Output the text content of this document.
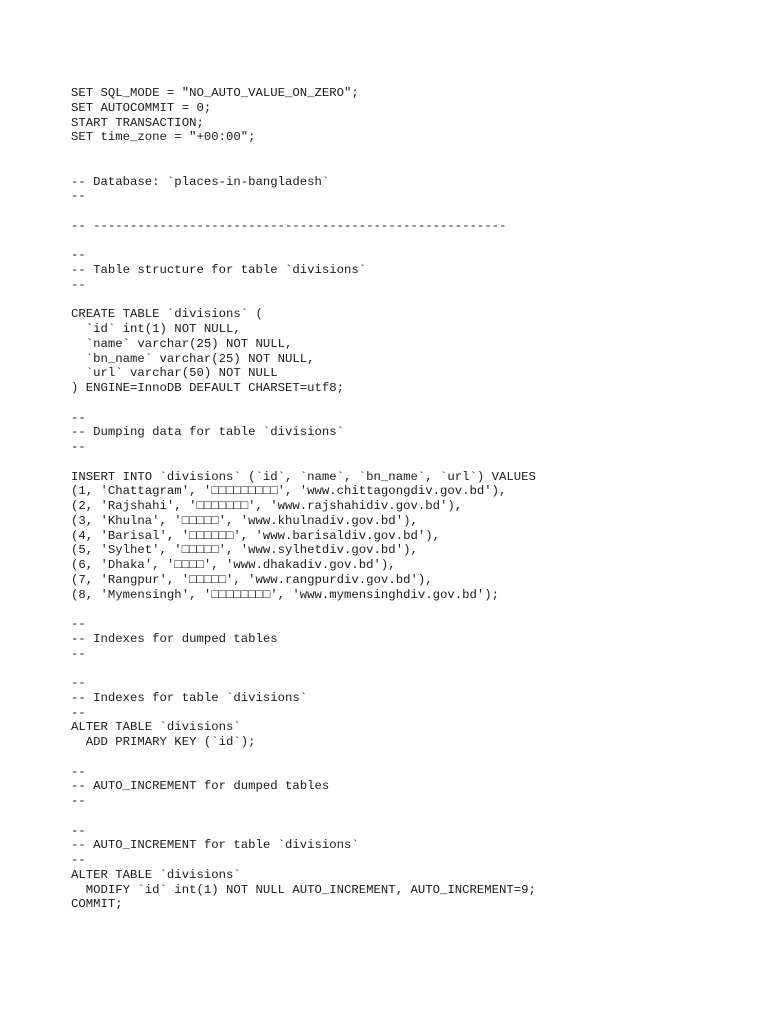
SET SQL_MODE = "NO_AUTO_VALUE_ON_ZERO";
SET AUTOCOMMIT = 0;
START TRANSACTION;
SET time_zone = "+00:00";
-- Database: `places-in-bangladesh`
--
-- --------------------------------------------------------
--
-- Table structure for table `divisions`
--
CREATE TABLE `divisions` (
`id` int(1) NOT NULL,
`name` varchar(25) NOT NULL,
`bn_name` varchar(25) NOT NULL,
`url` varchar(50) NOT NULL
) ENGINE=InnoDB DEFAULT CHARSET=utf8;
--
-- Dumping data for table `divisions`
--
INSERT INTO `divisions` (`id`, `name`, `bn_name`, `url`) VALUES
(1, 'Chattagram', '□□□□□□□□□', 'www.chittagongdiv.gov.bd'),
(2, 'Rajshahi', '□□□□□□□', 'www.rajshahidiv.gov.bd'),
(3, 'Khulna', '□□□□□', 'www.khulnadiv.gov.bd'),
(4, 'Barisal', '□□□□□□', 'www.barisaldiv.gov.bd'),
(5, 'Sylhet', '□□□□□', 'www.sylhetdiv.gov.bd'),
(6, 'Dhaka', '□□□□', 'www.dhakadiv.gov.bd'),
(7, 'Rangpur', '□□□□□', 'www.rangpurdiv.gov.bd'),
(8, 'Mymensingh', '□□□□□□□□', 'www.mymensinghdiv.gov.bd');
--
-- Indexes for dumped tables
--
--
-- Indexes for table `divisions`
--
ALTER TABLE `divisions`
ADD PRIMARY KEY (`id`);
--
-- AUTO_INCREMENT for dumped tables
--
--
-- AUTO_INCREMENT for table `divisions`
--
ALTER TABLE `divisions`
MODIFY `id` int(1) NOT NULL AUTO_INCREMENT, AUTO_INCREMENT=9;
COMMIT;
